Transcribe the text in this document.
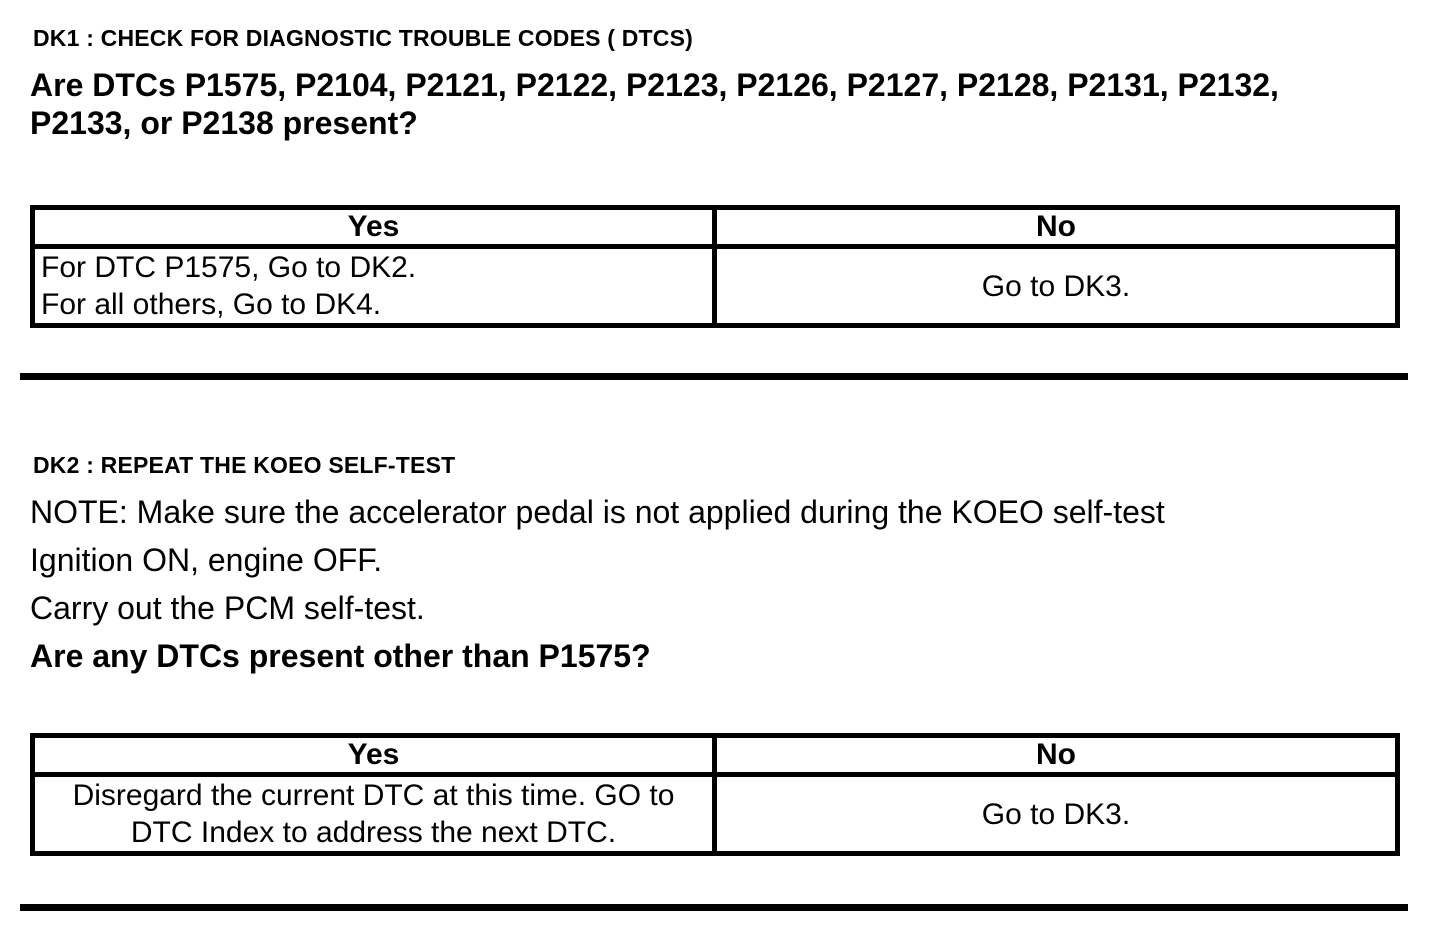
DK1 : CHECK FOR DIAGNOSTIC TROUBLE CODES ( DTCS)
Are DTCs P1575, P2104, P2121, P2122, P2123, P2126, P2127, P2128, P2131, P2132, P2133, or P2138 present?
Yes	No

For DTC P1575, Go to DK2.
For all others, Go to DK4.	Go to DK3.
DK2 : REPEAT THE KOEO SELF-TEST

NOTE: Make sure the accelerator pedal is not applied during the KOEO self-test

Ignition ON, engine OFF.

Carry out the PCM self-test.

Are any DTCs present other than P1575?

Yes	No
Disregard the current DTC at this time. GO to DTC Index to address the next DTC.	Go to DK3.
